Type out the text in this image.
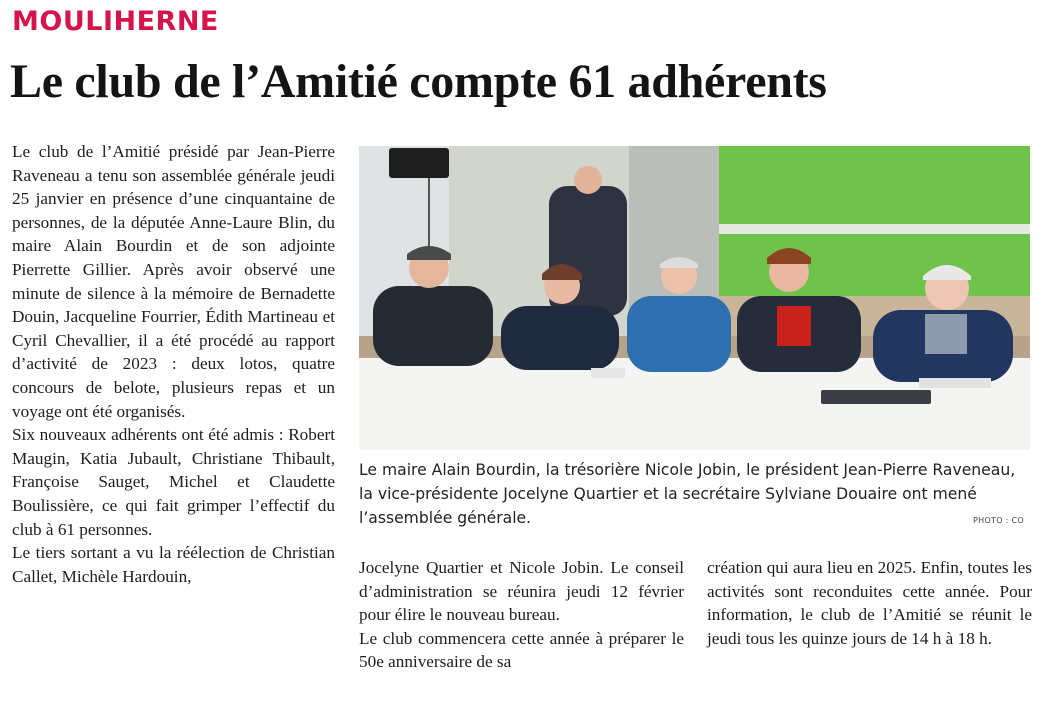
MOULIHERNE
Le club de l’Amitié compte 61 adhérents

Le club de l’Amitié présidé par Jean-Pierre Raveneau a tenu son assemblée générale jeudi 25 janvier en présence d’une cinquantaine de personnes, de la députée Anne-Laure Blin, du maire Alain Bourdin et de son adjointe Pierrette Gillier. Après avoir observé une minute de silence à la mémoire de Bernadette Douin, Jacqueline Fourrier, Édith Martineau et Cyril Chevallier, il a été procédé au rapport d’activité de 2023 : deux lotos, quatre concours de belote, plusieurs repas et un voyage ont été organisés.

Six nouveaux adhérents ont été admis : Robert Maugin, Katia Jubault, Christiane Thibault, Françoise Sauget, Michel et Claudette Boulissière, ce qui fait grimper l’effectif du club à 61 personnes.

Le tiers sortant a vu la réélection de Christian Callet, Michèle Hardouin,

Le maire Alain Bourdin, la trésorière Nicole Jobin, le président Jean-Pierre Raveneau, la vice-présidente Jocelyne Quartier et la secrétaire Sylviane Douaire ont mené l’assemblée générale.	PHOTO : CO

Jocelyne Quartier et Nicole Jobin. Le conseil d’administration se réunira jeudi 12 février pour élire le nouveau bureau.

Le club commencera cette année à préparer le 50e anniversaire de sa

création qui aura lieu en 2025. Enfin, toutes les activités sont reconduites cette année. Pour information, le club de l’Amitié se réunit le jeudi tous les quinze jours de 14 h à 18 h.
